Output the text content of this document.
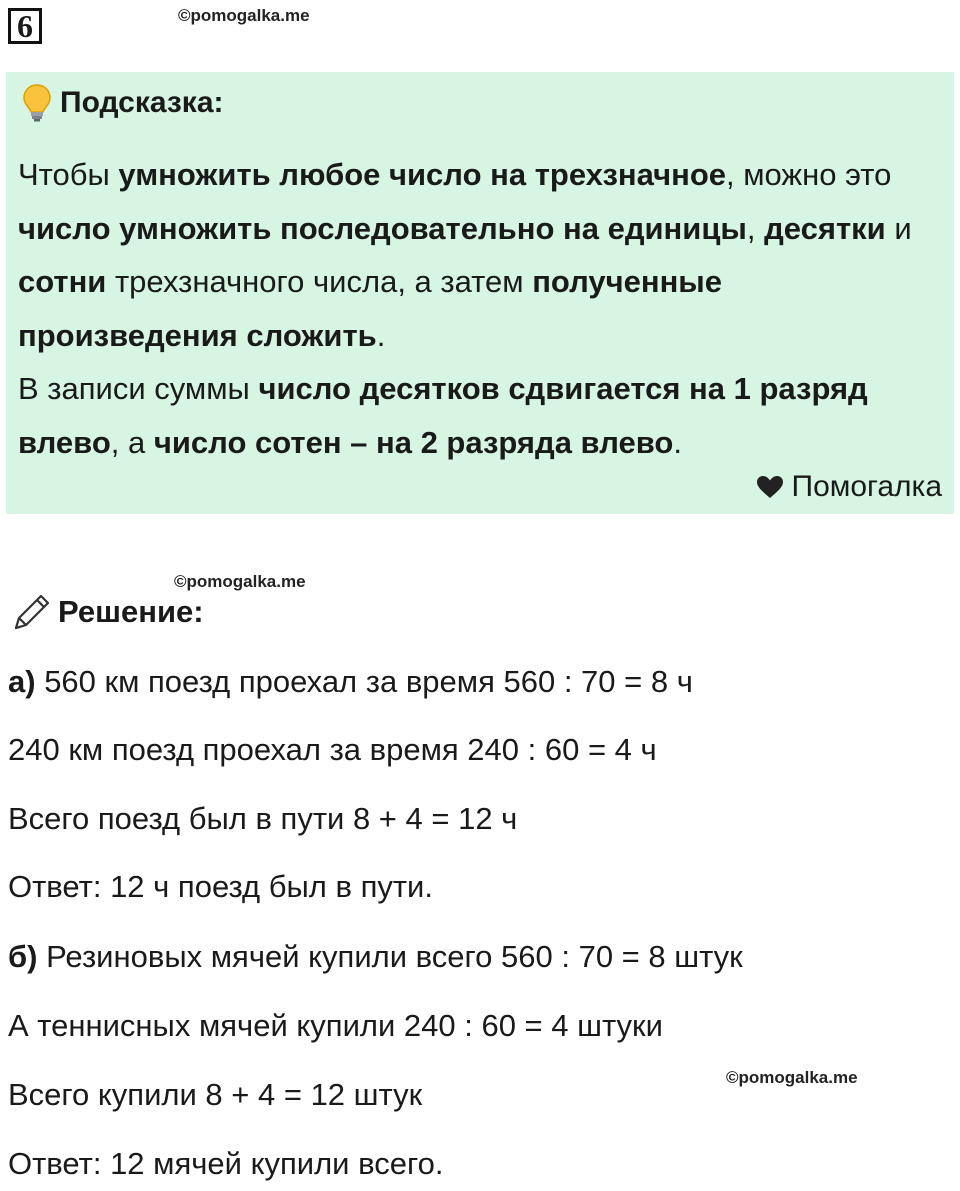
6	©pomogalka.me
Подсказка:
Чтобы умножить любое число на трехзначное, можно это число умножить последовательно на единицы, десятки и сотни трехзначного числа, а затем полученные произведения сложить.
В записи суммы число десятков сдвигается на 1 разряд влево, а число сотен – на 2 разряда влево.
Помогалка
©pomogalka.me
Решение:
а) 560 км поезд проехал за время 560 : 70 = 8 ч
240 км поезд проехал за время 240 : 60 = 4 ч
Всего поезд был в пути 8 + 4 = 12 ч
Ответ: 12 ч поезд был в пути.
б) Резиновых мячей купили всего 560 : 70 = 8 штук
А теннисных мячей купили 240 : 60 = 4 штуки
©pomogalka.me
Всего купили 8 + 4 = 12 штук
Ответ: 12 мячей купили всего.
